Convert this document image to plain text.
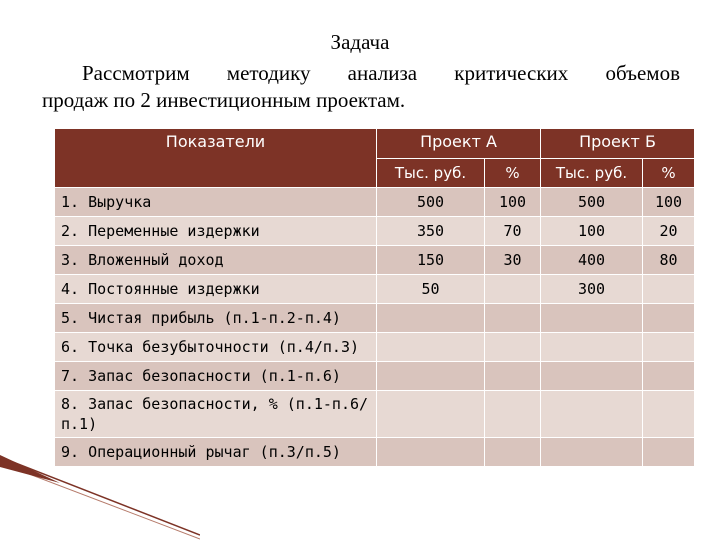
Задача
Рассмотрим методику анализа критических объемов
продаж по 2 инвестиционным проектам.
Показатели	Проект А		Проект Б	
	Тыс. руб.	%	Тыс. руб.	%
1. Выручка	500	100	500	100
2. Переменные издержки	350	70	100	20
3. Вложенный доход	150	30	400	80
4. Постоянные издержки	50		300	
5. Чистая прибыль (п.1-п.2-п.4)				
6. Точка безубыточности (п.4/п.3)				
7. Запас безопасности (п.1-п.6)				
8. Запас безопасности, % (п.1-п.6/п.1)				
9. Операционный рычаг (п.3/п.5)				
